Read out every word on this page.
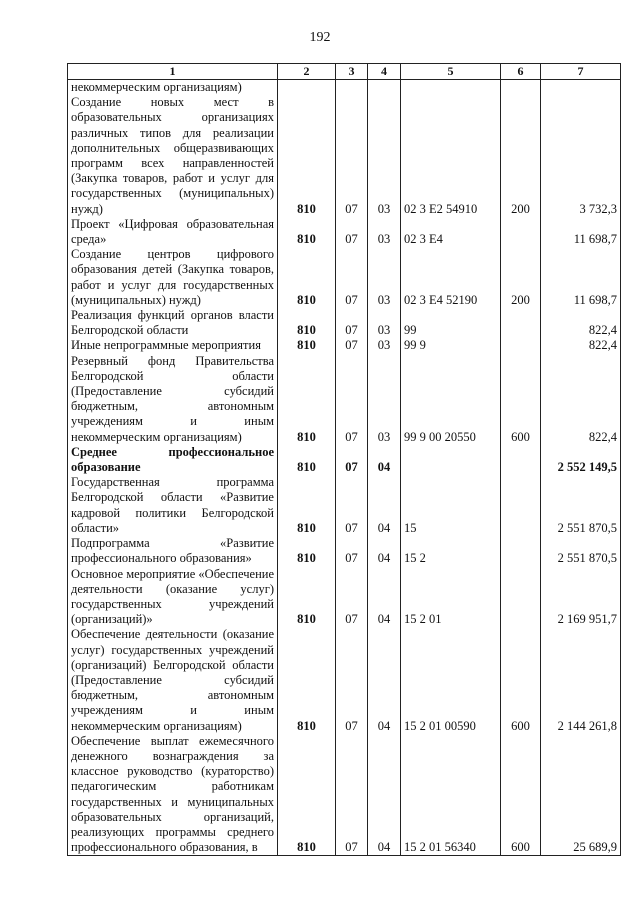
192
1	2	3	4	5	6	7
некоммерческим организациям)						
Создание новых мест в образовательных организациях различных типов для реализации дополнительных общеразвивающих программ всех направленностей (Закупка товаров, работ и услуг для государственных (муниципальных) нужд)	810	07	03	02 3 E2 54910	200	3 732,3
Проект «Цифровая образовательная среда»	810	07	03	02 3 E4		11 698,7
Создание центров цифрового образования детей (Закупка товаров, работ и услуг для государственных (муниципальных) нужд)	810	07	03	02 3 E4 52190	200	11 698,7
Реализация функций органов власти Белгородской области	810	07	03	99		822,4
Иные непрограммные мероприятия	810	07	03	99 9		822,4
Резервный фонд Правительства Белгородской области (Предоставление субсидий бюджетным, автономным учреждениям и иным некоммерческим организациям)	810	07	03	99 9 00 20550	600	822,4
Среднее профессиональное образование	810	07	04			2 552 149,5
Государственная программа Белгородской области «Развитие кадровой политики Белгородской области»	810	07	04	15		2 551 870,5
Подпрограмма «Развитие профессионального образования»	810	07	04	15 2		2 551 870,5
Основное мероприятие «Обеспечение деятельности (оказание услуг) государственных учреждений (организаций)»	810	07	04	15 2 01		2 169 951,7
Обеспечение деятельности (оказание услуг) государственных учреждений (организаций) Белгородской области (Предоставление субсидий бюджетным, автономным учреждениям и иным некоммерческим организациям)	810	07	04	15 2 01 00590	600	2 144 261,8
Обеспечение выплат ежемесячного денежного вознаграждения за классное руководство (кураторство) педагогическим работникам государственных и муниципальных образовательных организаций, реализующих программы среднего профессионального образования, в	810	07	04	15 2 01 56340	600	25 689,9
